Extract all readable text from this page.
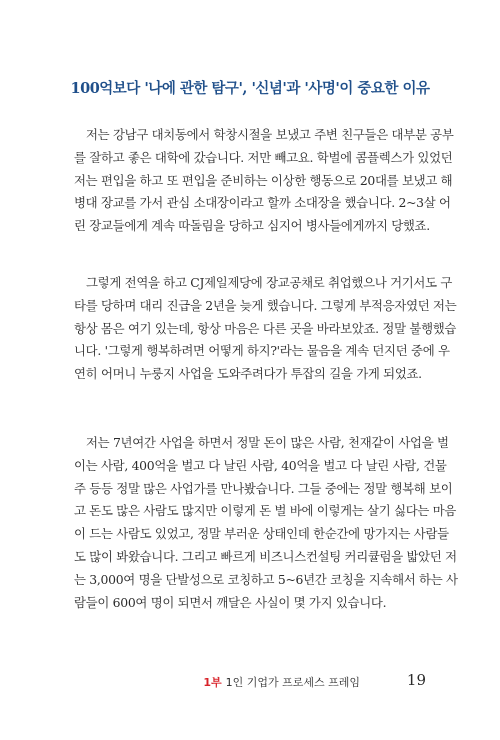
100억보다 '나에 관한 탐구', '신념'과 '사명'이 중요한 이유

저는 강남구 대치동에서 학창시절을 보냈고 주변 친구들은 대부분 공부
를 잘하고 좋은 대학에 갔습니다. 저만 빼고요. 학벌에 콤플렉스가 있었던
저는 편입을 하고 또 편입을 준비하는 이상한 행동으로 20대를 보냈고 해
병대 장교를 가서 관심 소대장이라고 할까 소대장을 했습니다. 2~3살 어
린 장교들에게 계속 따돌림을 당하고 심지어 병사들에게까지 당했죠.

그렇게 전역을 하고 CJ제일제당에 장교공채로 취업했으나 거기서도 구
타를 당하며 대리 진급을 2년을 늦게 했습니다. 그렇게 부적응자였던 저는
항상 몸은 여기 있는데, 항상 마음은 다른 곳을 바라보았죠. 정말 불행했습
니다. '그렇게 행복하려면 어떻게 하지?'라는 물음을 계속 던지던 중에 우
연히 어머니 누룽지 사업을 도와주려다가 투잡의 길을 가게 되었죠.

저는 7년여간 사업을 하면서 정말 돈이 많은 사람, 천재같이 사업을 벌
이는 사람, 400억을 벌고 다 날린 사람, 40억을 벌고 다 날린 사람, 건물
주 등등 정말 많은 사업가를 만나봤습니다. 그들 중에는 정말 행복해 보이
고 돈도 많은 사람도 많지만 이렇게 돈 벌 바에 이렇게는 살기 싫다는 마음
이 드는 사람도 있었고, 정말 부러운 상태인데 한순간에 망가지는 사람들
도 많이 봐왔습니다. 그리고 빠르게 비즈니스컨설팅 커리큘럼을 밟았던 저
는 3,000여 명을 단발성으로 코칭하고 5~6년간 코칭을 지속해서 하는 사
람들이 600여 명이 되면서 깨달은 사실이 몇 가지 있습니다.

1부 1인 기업가 프로세스 프레임	19
